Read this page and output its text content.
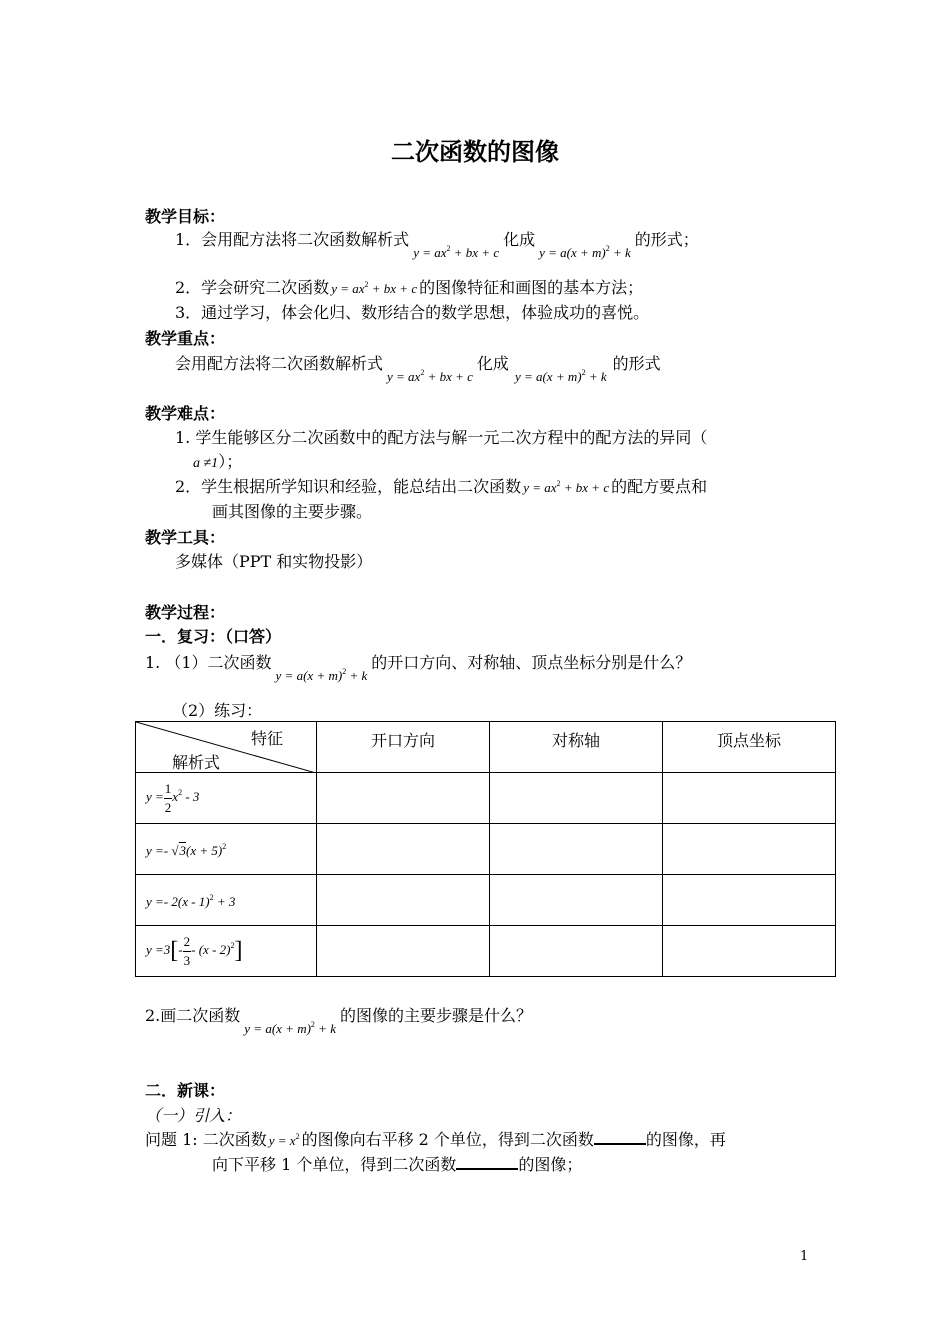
二次函数的图像
教学目标：
1．会用配方法将二次函数解析式$_{y = ax^2 + bx + c}$化成$_{y = a(x + m)^2 + k}$的形式；
2．学会研究二次函数 $y = ax^2$ + bx + c 的图像特征和画图的基本方法；
3．通过学习，体会化归、数形结合的数学思想，体验成功的喜悦。
教学重点：
会用配方法将二次函数解析式$_{y = ax^2 + bx + c}$化成$_{y = a(x + m)^2 + k}$的形式
教学难点：
1. 学生能够区分二次函数中的配方法与解一元二次方程中的配方法的异同（
a ≠1）；
2．学生根据所学知识和经验，能总结出二次函数 $y = ax^2$ + bx + c 的配方要点和
画其图像的主要步骤。
教学工具：
多媒体（PPT 和实物投影）
教学过程：
一．复习：（口答）
1. （1）二次函数$_{y = a(x + m)^2 + k}$的开口方向、对称轴、顶点坐标分别是什么？
（2）练习：
特征
解析式	开口方向	对称轴	顶点坐标
$y = \frac{1}{2} x^2 - 3$			
$y =- √3(x + 5)^2$			
y =- 2(x - 1)$^2$ + 3			
$y =3[- \frac{2}{3} - (x - 2)^2]$			
2.画二次函数$_{y = a(x + m)^2 + k}$的图像的主要步骤是什么？
二．新课：
（一）引入：
问题 1: 二次函数 $y = x^2$ 的图像向右平移 2 个单位，得到二次函数	的图像，再
向下平移 1 个单位，得到二次函数	的图像；
1
